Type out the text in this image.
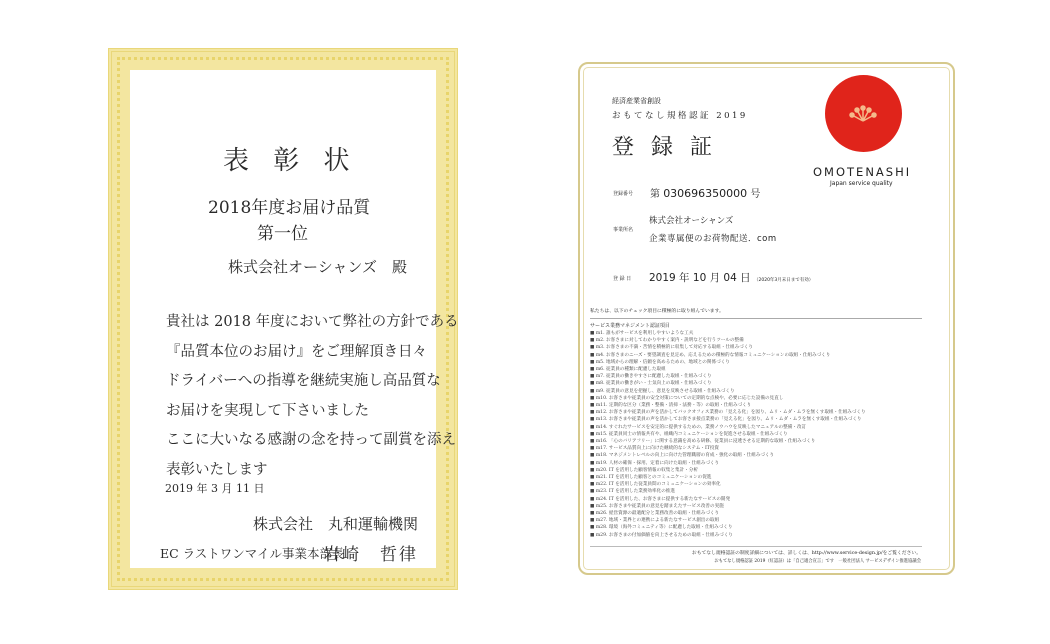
表 彰 状
2018年度お届け品質
第一位
株式会社オーシャンズ　殿
貴社は 2018 年度において弊社の方針である
『品質本位のお届け』をご理解頂き日々
ドライバーへの指導を継続実施し高品質な
お届けを実現して下さいました
ここに大いなる感謝の念を持って副賞を添え
表彰いたします
2019 年 3 月 11 日
株式会社　丸和運輸機関
EC ラストワンマイル事業本部長
岩崎　哲律
経済産業省創設
おもてなし規格認証 2019
登 録 証
OMOTENASHI
Japan service quality
登録番号 第 030696350000 号
事業所名
株式会社オーシャンズ
企業専属便のお荷物配送．com
登 録 日 2019 年 10 月 04 日 （2020年3月末日まで有効）
私たちは、以下のチェック項目に積極的に取り組んでいます。
サービス業務マネジメント認証項目
■ m1. 誰もがサービスを利用しやすいような工夫
■ m2. お客さまに対してわかりやすく案内・説明などを行うツールの整備
■ m3. お客さまの不満・苦情を積極的に収集して対応する取組・仕組みづくり
■ m4. お客さまのニーズ・要望調査を見定め、応えるための積極的な情報コミュニケーションの取組・仕組みづくり
■ m5. 地域からの理解・信頼を高めるための、地域との関係づくり
■ m6. 従業員の種類に配慮した取組
■ m7. 従業員の働きやすさに配慮した取組・仕組みづくり
■ m8. 従業員の働きがい・士気向上の取組・仕組みづくり
■ m9. 従業員の意見を把握し、意見を反映させる取組・仕組みづくり
■ m10. お客さまや従業員の安全対策についての定期的な点検や、必要に応じた設備の見直し
■ m11. 定期的な区分（業務・整備・清掃・法務・等）の取組・仕組みづくり
■ m12. お客さまや従業員の声を活かしてバックオフィス業務の「見える化」を図り、ムリ・ムダ・ムラを無くす取組・仕組みづくり
■ m13. お客さまや従業員の声を活かしてお客さま接点業務の「見える化」を図り、ムリ・ムダ・ムラを無くす取組・仕組みづくり
■ m14. すぐれたサービスを安定的に提供するための、業務ノウハウを反映したマニュアルの整備・改訂
■ m15. 従業員同士の情報共有や、組織内コミュニケーションを促進させる取組・仕組みづくり
■ m16. 「心のバリアフリー」に関する意識を高める研修、従業員に浸透させる定期的な取組・仕組みづくり
■ m17. サービス品質向上に向けた継続的なシステム・IT投資
■ m18. マネジメントレベルの向上に向けた管理職層の育成・強化の取組・仕組みづくり
■ m19. 人材の確保・採用、定着に向けた取組・仕組みづくり
■ m20. IT を活用した顧客情報の収集と集計・分析
■ m21. IT を活用した顧客とのコミュニケーションの促進
■ m22. IT を活用した従業員間のコミュニケーションの効率化
■ m23. IT を活用した業務効率化の推進
■ m24. IT を活用した、お客さまに提供する新たなサービスの開発
■ m25. お客さまや従業員の意見を踏まえたサービス改善の実施
■ m26. 経営資源の最適配分と業務改善の取組・仕組みづくり
■ m27. 地域・業界との連携による新たなサービス創出の取組
■ m28. 環境（海外コミュニティ等）に配慮した取組・仕組みづくり
■ m29. お客さまの付加価値を向上させるための取組・仕組みづくり
おもてなし規格認証の制度詳細については、詳しくは、http://www.service-design.jp/をご覧ください。
おもてなし規格認証 2019（紅認証）は「自己適合宣言」です　一般社団法人 サービスデザイン推進協議会
